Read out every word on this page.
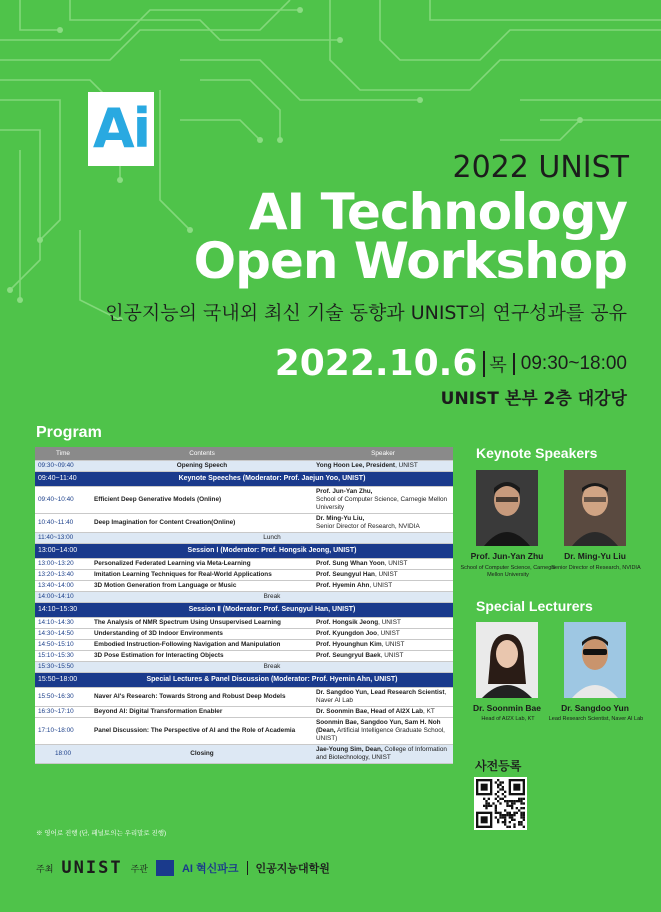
Ai
2022 UNIST
AI Technology
Open Workshop
인공지능의 국내외 최신 기술 동향과 UNIST의 연구성과를 공유
2022.10.6 목 09:30~18:00
UNIST 본부 2층 대강당
Program
Time	Contents	Speaker
09:30~09:40	Opening Speech	Yong Hoon Lee, President, UNIST
09:40~11:40	Keynote Speeches (Moderator: Prof. Jaejun Yoo, UNIST)	
09:40~10:40	Efficient Deep Generative Models (Online)	Prof. Jun-Yan Zhu,
School of Computer Science, Carnegie Mellon University
10:40~11:40	Deep Imagination for Content Creation(Online)	Dr. Ming-Yu Liu,
Senior Director of Research, NVIDIA
11:40~13:00	Lunch	
13:00~14:00	Session Ⅰ (Moderator: Prof. Hongsik Jeong, UNIST)	
13:00~13:20	Personalized Federated Learning via Meta-Learning	Prof. Sung Whan Yoon, UNIST
13:20~13:40	Imitation Learning Techniques for Real-World Applications	Prof. Seungyul Han, UNIST
13:40~14:00	3D Motion Generation from Language or Music	Prof. Hyemin Ahn, UNIST
14:00~14:10	Break	
14:10~15:30	Session Ⅱ (Moderator: Prof. Seungyul Han, UNIST)	
14:10~14:30	The Analysis of NMR Spectrum Using Unsupervised Learning	Prof. Hongsik Jeong, UNIST
14:30~14:50	Understanding of 3D Indoor Environments	Prof. Kyungdon Joo, UNIST
14:50~15:10	Embodied Instruction-Following Navigation and Manipulation	Prof. Hyounghun Kim, UNIST
15:10~15:30	3D Pose Estimation for Interacting Objects	Prof. Seungryul Baek, UNIST
15:30~15:50	Break	
15:50~18:00	Special Lectures & Panel Discussion (Moderator: Prof. Hyemin Ahn, UNIST)	
15:50~16:30	Naver AI's Research: Towards Strong and Robust Deep Models	Dr. Sangdoo Yun, Lead Research Scientist, Naver AI Lab
16:30~17:10	Beyond AI: Digital Transformation Enabler	Dr. Soonmin Bae, Head of AI2X Lab, KT
17:10~18:00	Panel Discussion: The Perspective of AI and the Role of Academia	Soonmin Bae, Sangdoo Yun, Sam H. Noh (Dean, Artificial Intelligence Graduate School, UNIST)
18:00	Closing	Jae-Young Sim, Dean, College of Information and Biotechnology, UNIST
※ 영어로 진행 (단, 패널토의는 우리말로 진행)
Keynote Speakers
Prof. Jun-Yan Zhu	Dr. Ming-Yu Liu
School of Computer Science, Carnegie Mellon University
Senior Director of Research, NVIDIA
Special Lecturers
Dr. Soonmin Bae	Dr. Sangdoo Yun
Head of AI2X Lab, KT	Lead Research Scientist, Naver AI Lab
사전등록
주최 UNIST 주관	AI 혁신파크 인공지능대학원
